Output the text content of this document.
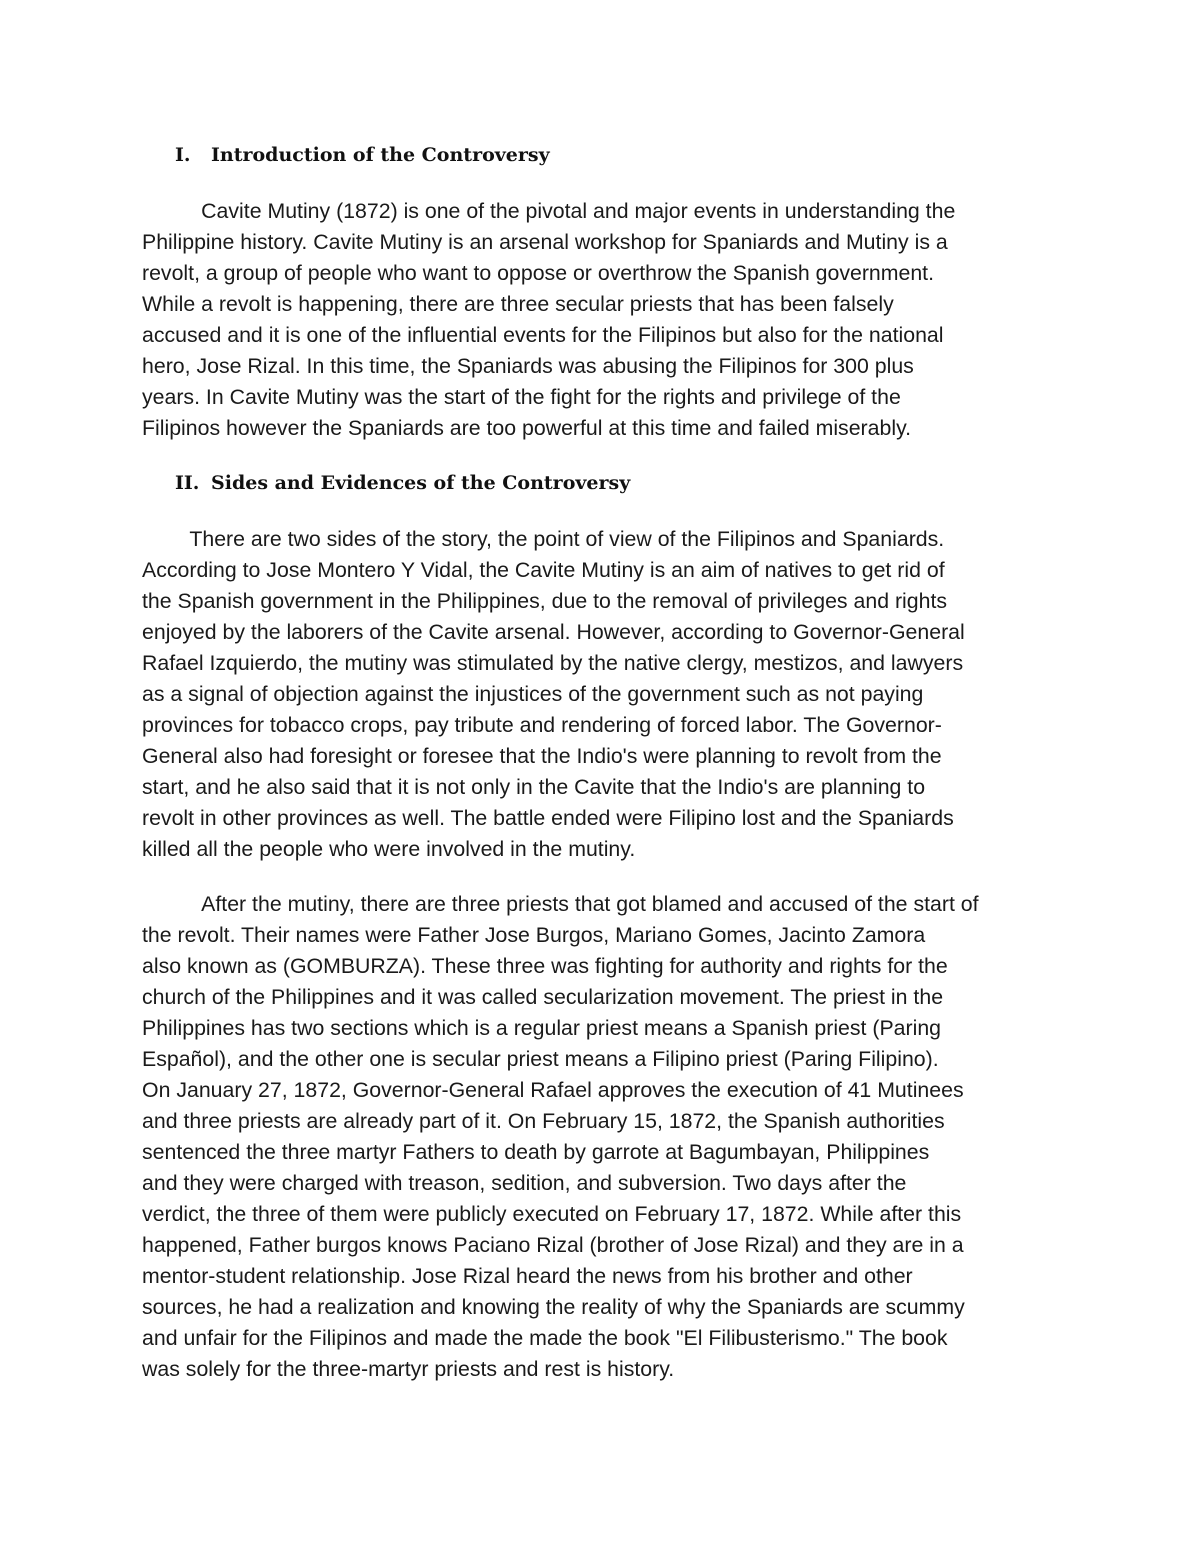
I. Introduction of the Controversy
Cavite Mutiny (1872) is one of the pivotal and major events in understanding the
Philippine history. Cavite Mutiny is an arsenal workshop for Spaniards and Mutiny is a
revolt, a group of people who want to oppose or overthrow the Spanish government.
While a revolt is happening, there are three secular priests that has been falsely
accused and it is one of the influential events for the Filipinos but also for the national
hero, Jose Rizal. In this time, the Spaniards was abusing the Filipinos for 300 plus
years. In Cavite Mutiny was the start of the fight for the rights and privilege of the
Filipinos however the Spaniards are too powerful at this time and failed miserably.
II. Sides and Evidences of the Controversy
There are two sides of the story, the point of view of the Filipinos and Spaniards.
According to Jose Montero Y Vidal, the Cavite Mutiny is an aim of natives to get rid of
the Spanish government in the Philippines, due to the removal of privileges and rights
enjoyed by the laborers of the Cavite arsenal. However, according to Governor-General
Rafael Izquierdo, the mutiny was stimulated by the native clergy, mestizos, and lawyers
as a signal of objection against the injustices of the government such as not paying
provinces for tobacco crops, pay tribute and rendering of forced labor. The Governor-
General also had foresight or foresee that the Indio's were planning to revolt from the
start, and he also said that it is not only in the Cavite that the Indio's are planning to
revolt in other provinces as well. The battle ended were Filipino lost and the Spaniards
killed all the people who were involved in the mutiny.
After the mutiny, there are three priests that got blamed and accused of the start of
the revolt. Their names were Father Jose Burgos, Mariano Gomes, Jacinto Zamora
also known as (GOMBURZA). These three was fighting for authority and rights for the
church of the Philippines and it was called secularization movement. The priest in the
Philippines has two sections which is a regular priest means a Spanish priest (Paring
Español), and the other one is secular priest means a Filipino priest (Paring Filipino).
On January 27, 1872, Governor-General Rafael approves the execution of 41 Mutinees
and three priests are already part of it. On February 15, 1872, the Spanish authorities
sentenced the three martyr Fathers to death by garrote at Bagumbayan, Philippines
and they were charged with treason, sedition, and subversion. Two days after the
verdict, the three of them were publicly executed on February 17, 1872. While after this
happened, Father burgos knows Paciano Rizal (brother of Jose Rizal) and they are in a
mentor-student relationship. Jose Rizal heard the news from his brother and other
sources, he had a realization and knowing the reality of why the Spaniards are scummy
and unfair for the Filipinos and made the made the book "El Filibusterismo." The book
was solely for the three-martyr priests and rest is history.
